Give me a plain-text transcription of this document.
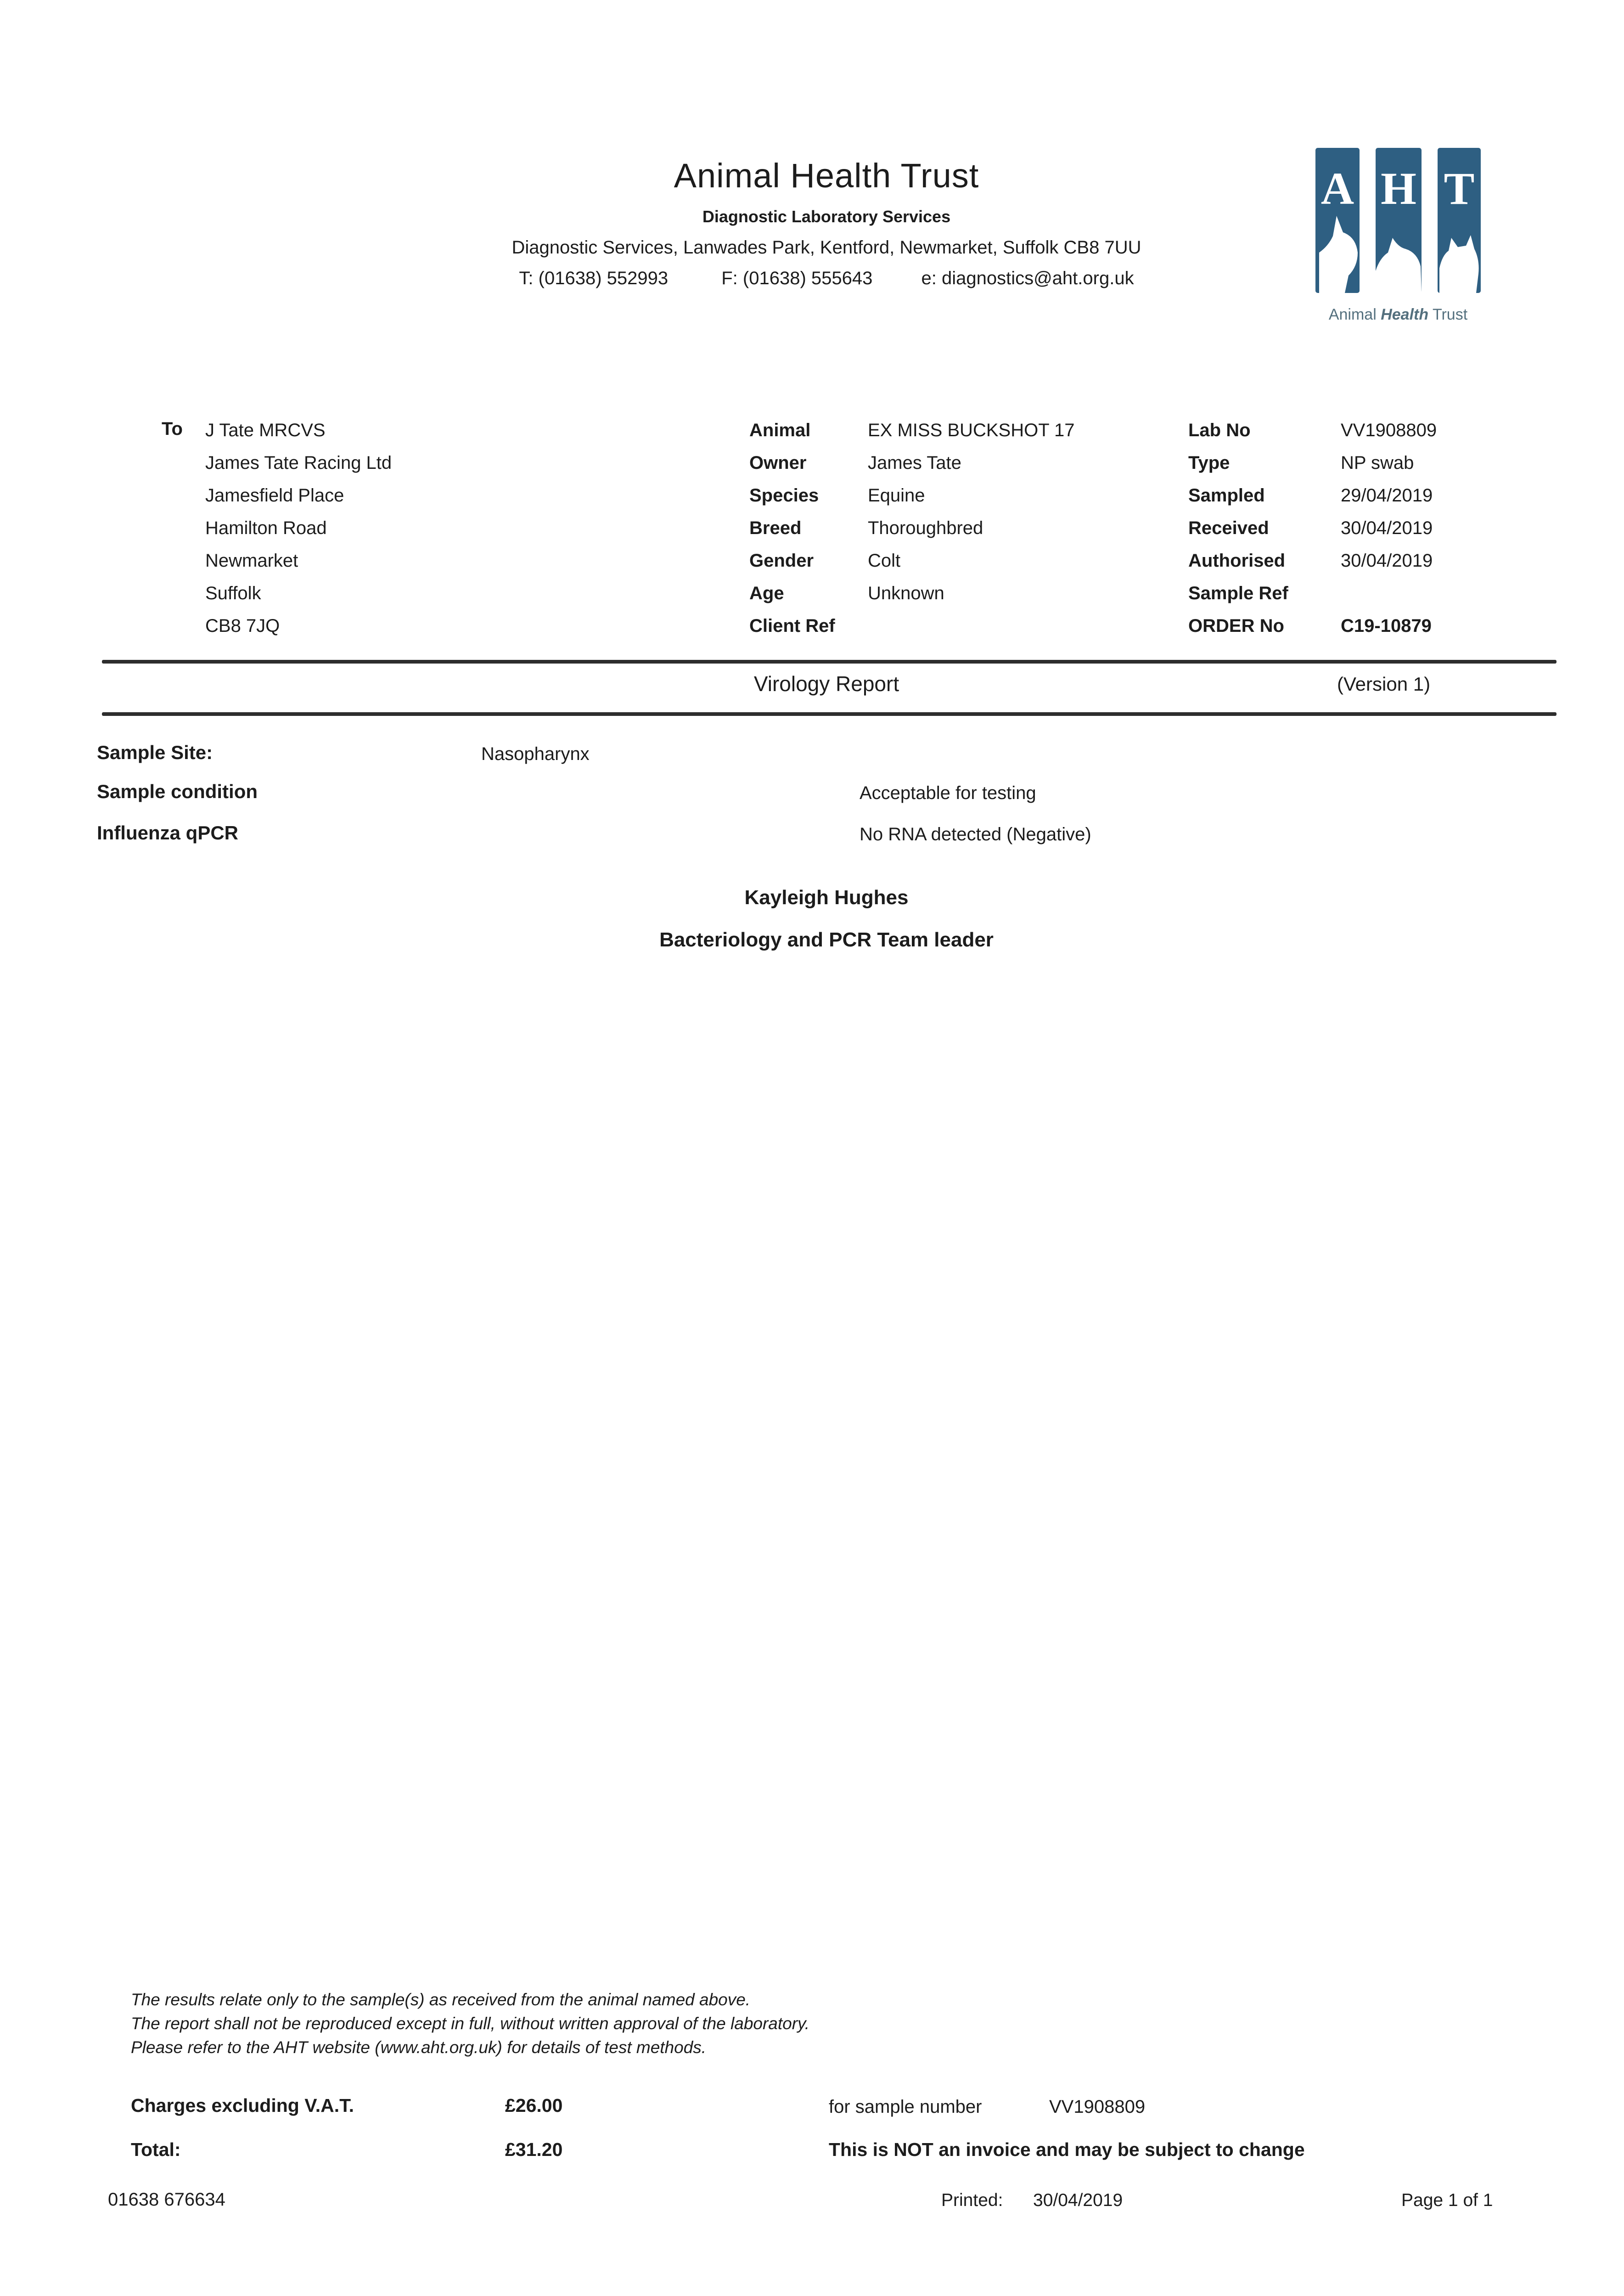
Animal Health Trust
Diagnostic Laboratory Services
Diagnostic Services, Lanwades Park, Kentford, Newmarket, Suffolk CB8 7UU
T: (01638) 552993	F: (01638) 555643	e: diagnostics@aht.org.uk
A H T
Animal Health Trust
To J Tate MRCVS
James Tate Racing Ltd
Jamesfield Place
Hamilton Road
Newmarket
Suffolk
CB8 7JQ
Animal	EX MISS BUCKSHOT 17
Owner	James Tate
Species	Equine
Breed	Thoroughbred
Gender	Colt
Age	Unknown
Client Ref
Lab No	VV1908809
Type	NP swab
Sampled	29/04/2019
Received	30/04/2019
Authorised	30/04/2019
Sample Ref
ORDER No	C19-10879
Virology Report	(Version 1)
Sample Site:	Nasopharynx
Sample condition	Acceptable for testing
Influenza qPCR	No RNA detected (Negative)
Kayleigh Hughes
Bacteriology and PCR Team leader
The results relate only to the sample(s) as received from the animal named above.
The report shall not be reproduced except in full, without written approval of the laboratory.
Please refer to the AHT website (www.aht.org.uk) for details of test methods.
Charges excluding V.A.T.	£26.00	for sample number	VV1908809
Total:	£31.20	This is NOT an invoice and may be subject to change
01638 676634	Printed: 30/04/2019	Page 1 of 1
